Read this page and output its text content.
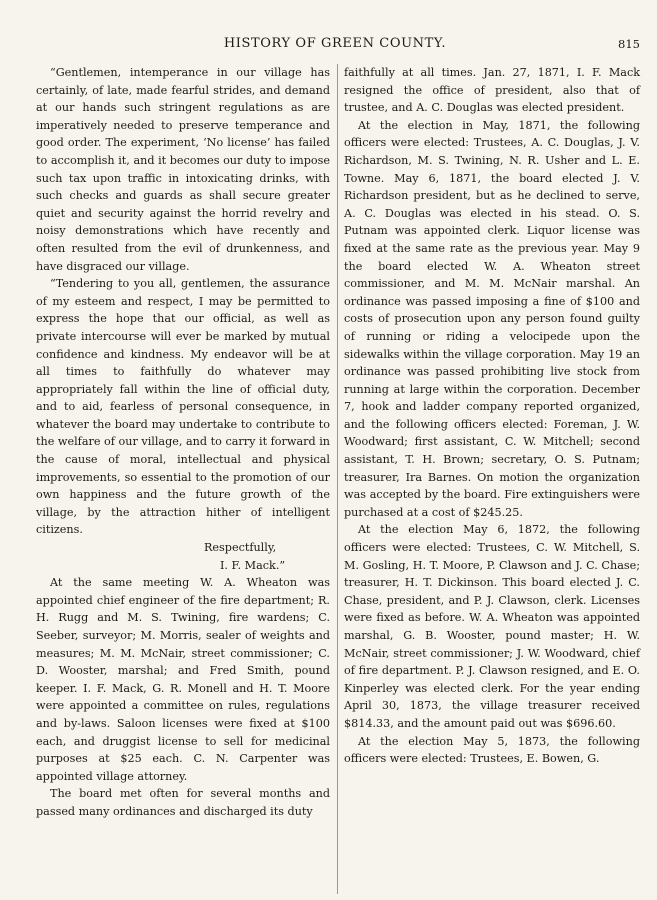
HISTORY OF GREEN COUNTY.	815

“Gentlemen, intemperance in our village has certainly, of late, made fearful strides, and demand at our hands such stringent regulations as are imperatively needed to preserve temperance and good order. The experiment, ‘No license’ has failed to accomplish it, and it becomes our duty to impose such tax upon traffic in intoxicating drinks, with such checks and guards as shall secure greater quiet and security against the horrid revelry and noisy demonstrations which have recently and often resulted from the evil of drunkenness, and have disgraced our village.

“Tendering to you all, gentlemen, the assurance of my esteem and respect, I may be permitted to express the hope that our official, as well as private intercourse will ever be marked by mutual confidence and kindness. My endeavor will be at all times to faithfully do whatever may appropriately fall within the line of official duty, and to aid, fearless of personal consequence, in whatever the board may undertake to contribute to the welfare of our village, and to carry it forward in the cause of moral, intellectual and physical improvements, so essential to the promotion of our own happiness and the future growth of the village, by the attraction hither of intelligent citizens.

Respectfully,
I. F. Mack.”

At the same meeting W. A. Wheaton was appointed chief engineer of the fire department; R. H. Rugg and M. S. Twining, fire wardens; C. Seeber, surveyor; M. Morris, sealer of weights and measures; M. M. McNair, street commissioner; C. D. Wooster, marshal; and Fred Smith, pound keeper. I. F. Mack, G. R. Monell and H. T. Moore were appointed a committee on rules, regulations and by-laws. Saloon licenses were fixed at $100 each, and druggist license to sell for medicinal purposes at $25 each. C. N. Carpenter was appointed village attorney.

The board met often for several months and passed many ordinances and discharged its duty

faithfully at all times. Jan. 27, 1871, I. F. Mack resigned the office of president, also that of trustee, and A. C. Douglas was elected president.

At the election in May, 1871, the following officers were elected: Trustees, A. C. Douglas, J. V. Richardson, M. S. Twining, N. R. Usher and L. E. Towne. May 6, 1871, the board elected J. V. Richardson president, but as he declined to serve, A. C. Douglas was elected in his stead. O. S. Putnam was appointed clerk. Liquor license was fixed at the same rate as the previous year. May 9 the board elected W. A. Wheaton street commissioner, and M. M. McNair marshal. An ordinance was passed imposing a fine of $100 and costs of prosecution upon any person found guilty of running or riding a velocipede upon the sidewalks within the village corporation. May 19 an ordinance was passed prohibiting live stock from running at large within the corporation. December 7, hook and ladder company reported organized, and the following officers elected: Foreman, J. W. Woodward; first assistant, C. W. Mitchell; second assistant, T. H. Brown; secretary, O. S. Putnam; treasurer, Ira Barnes. On motion the organization was accepted by the board. Fire extinguishers were purchased at a cost of $245.25.

At the election May 6, 1872, the following officers were elected: Trustees, C. W. Mitchell, S. M. Gosling, H. T. Moore, P. Clawson and J. C. Chase; treasurer, H. T. Dickinson. This board elected J. C. Chase, president, and P. J. Clawson, clerk. Licenses were fixed as before. W. A. Wheaton was appointed marshal, G. B. Wooster, pound master; H. W. McNair, street commissioner; J. W. Woodward, chief of fire department. P. J. Clawson resigned, and E. O. Kinperley was elected clerk. For the year ending April 30, 1873, the village treasurer received $814.33, and the amount paid out was $696.60.

At the election May 5, 1873, the following officers were elected: Trustees, E. Bowen, G.
